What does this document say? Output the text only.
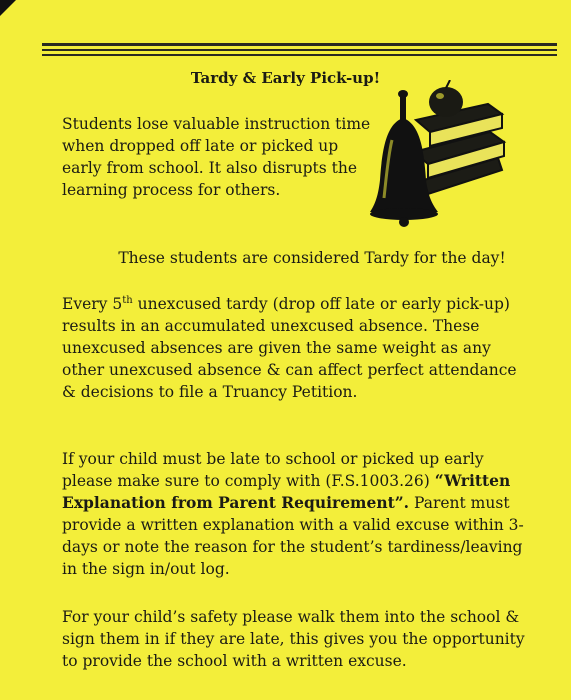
Tardy & Early Pick-up!

Students lose valuable instruction time when dropped off late or picked up early from school. It also disrupts the learning process for others.

These students are considered Tardy for the day!

Every 5th unexcused tardy (drop off late or early pick-up) results in an accumulated unexcused absence. These unexcused absences are given the same weight as any other unexcused absence & can affect perfect attendance & decisions to file a Truancy Petition.

If your child must be late to school or picked up early please make sure to comply with (F.S.1003.26) “Written Explanation from Parent Requirement”. Parent must provide a written explanation with a valid excuse within 3-days or note the reason for the student’s tardiness/leaving in the sign in/out log.

For your child’s safety please walk them into the school & sign them in if they are late, this gives you the opportunity to provide the school with a written excuse.
